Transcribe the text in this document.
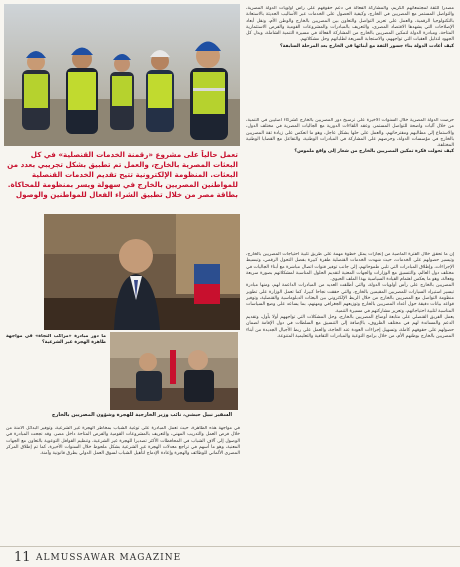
مصدرا للثقة لمجتمعاتهم الكريم، والمشاركة الفعالة في دعم حقوقهم على رأس أولويات الدولة المصرية، والتواصل المستمر مع المصريين في الخارج، وكيفية الحصول على الخدمات عبر الأساليب الحديثة بالاستعانة بالتكنولوجيا الرقمية، والعمل على تعزيز التواصل والتعاون بين المصريين بالخارج والوطن الأم، ونقل أبعاد الإصلاحات التي يشهدها الاقتصاد المصري، والتعريف بالمبادرات والمشروعات القومية والفرص الاستثمارية المتاحة، ومبادرة الدولة لتمكين المصريين بالخارج من المشاركة الفعالة في مسيرة التنمية الشاملة، وبذل كل الجهود لتذليل العقبات التي تواجههم، والاستجابة السريعة لطلباتهم وحل مشكلاتهم.

كيف أعادت الدولة بناء جسور الثقة مع أبنائها في الخارج بعد المرحلة السابقة؟

تعمل حالياً على مشروع «رقمنة الخدمات القنصلية» في كل البعثات المصرية بالخارج، والعمل تم تطبيق بشكل تجريبي بعدد من البعثات. المنظومة الإلكترونية تتيح تقديم الخدمات القنصلية للمواطنين المصريين بالخارج في سهولة ويسر بمنظومة للمحاكاة. بطاقة مصر من خلال تطبيق الشراء الفعال للمواطنين والوصول

حرصت الدولة المصرية خلال السنوات الأخيرة على ترسيخ دور المصريين بالخارج كشركاء أصليين في التنمية، من خلال آليات واضحة للتواصل المستمر، وعقد اللقاءات الدورية مع الجاليات المصرية في مختلف الدول، والاستماع إلى مطالبهم ومقترحاتهم، والعمل على حلها بشكل عاجل، وهو ما انعكس على زيادة ثقة المصريين بالخارج في مؤسسات الدولة، وحرصهم على المشاركة في المبادرات الوطنية، والتفاعل مع القضايا الوطنية المختلفة.

كيف تحولت فكرة تمكين المصريين بالخارج من شعار إلى واقع ملموس؟

السفير نبيل حبشي، نائب وزير الخارجية للهجرة وشؤون المصريين بالخارج

إن ما تحقق خلال الفترة الماضية من إنجازات يمثل خطوة مهمة على طريق تلبية احتياجات المصريين بالخارج، وتيسير حصولهم على الخدمات، حيث شهدت الخدمات القنصلية طفرة كبيرة بفضل التحول الرقمي، وتبسيط الإجراءات، وإطلاق المبادرات التي تلبي طموحاتهم، إلى جانب توفير قنوات اتصال مباشرة مع أبناء الجاليات في مختلف دول العالم، والتنسيق مع الوزارات والجهات المعنية لتقديم الحلول المناسبة لمشكلاتهم بصورة سريعة وفعالة، وهو ما يعكس اهتمام القيادة السياسية بهذا الملف الحيوي.

المصريين بالخارج على رأس أولويات الدولة، والتي أطلقت العديد من المبادرات الداعمة لهم، ومنها مبادرة تيسير استيراد السيارات للمصريين المقيمين بالخارج، والتي حققت نجاحا كبيرا، كما تعمل الوزارة على تطوير منظومة التواصل مع المصريين بالخارج من خلال الربط الإلكتروني بين البعثات الدبلوماسية والقنصلية، وتوفير قواعد بيانات دقيقة حول أعداد المصريين بالخارج وتوزيعهم الجغرافي ومهنهم، بما يساعد على وضع السياسات المناسبة لتلبية احتياجاتهم، وتعزيز مشاركتهم في مسيرة التنمية.

يعمل الفريق القنصلي على متابعة أوضاع المصريين بالخارج، وحل المشكلات التي تواجههم أولا بأول، وتقديم الدعم والمساندة لهم في مختلف الظروف، بالإضافة إلى التنسيق مع السلطات في دول الإقامة لضمان حصولهم على حقوقهم كاملة، وتسهيل إجراءات العودة عند الحاجة، والعمل على ربط الأجيال الجديدة من أبناء المصريين بالخارج بوطنهم الأم، من خلال برامج التوعية والمبادرات الثقافية والتعليمية المتنوعة.

ما دور مبادرة «مراكب النجاة» في مواجهة ظاهرة الهجرة غير الشرعية؟

في مواجهة هذه الظاهرة، حيث تعمل المبادرة على توعية الشباب بمخاطر الهجرة غير الشرعية، وتوفير البدائل الآمنة من خلال فرص العمل والتدريب المهني، والتعريف بالمشروعات القومية والفرص المتاحة داخل مصر، وقد نجحت المبادرة في الوصول إلى آلاف الشباب في المحافظات الأكثر تصديرا للهجرة غير الشرعية، وتنظيم القوافل التوعوية بالتعاون مع الجهات المعنية، وهو ما أسهم في تراجع معدلات الهجرة غير الشرعية بشكل ملحوظ خلال السنوات الأخيرة، كما تم إطلاق المركز المصري الألماني للوظائف والهجرة وإعادة الإدماج لتأهيل الشباب لسوق العمل الدولي بطرق قانونية وآمنة.

11 ALMUSSAWAR MAGAZINE
